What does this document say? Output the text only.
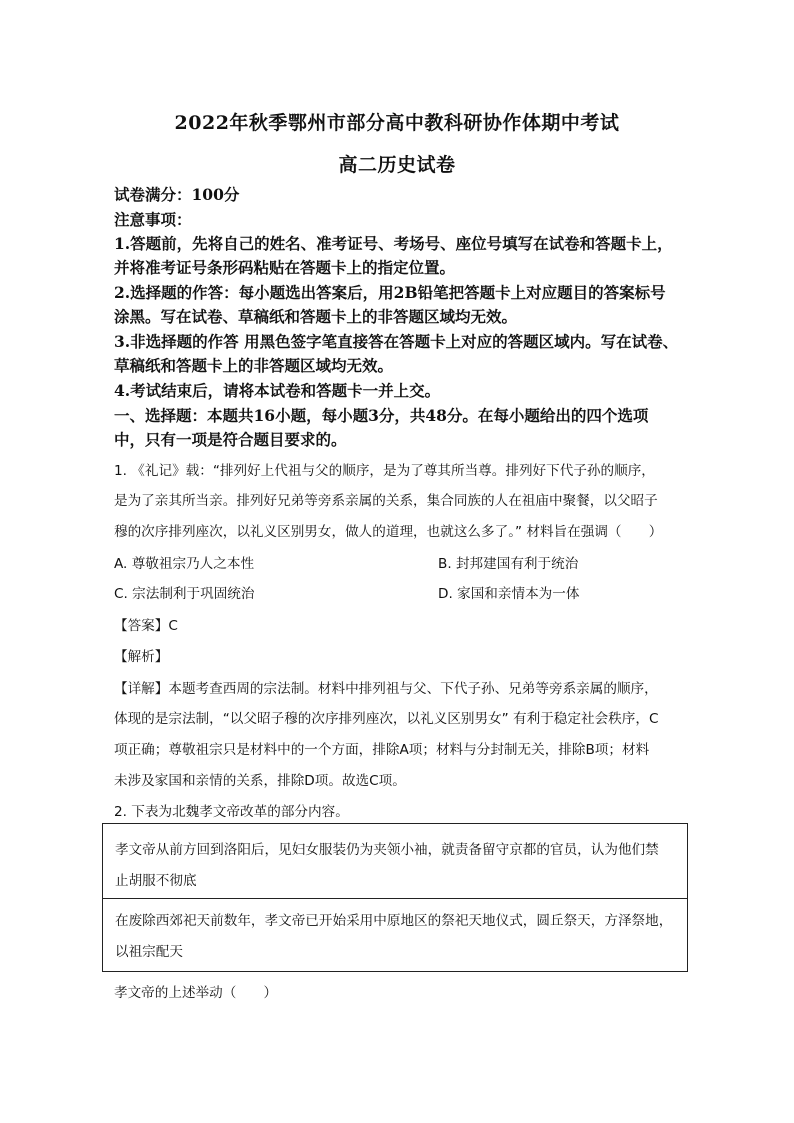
2022年秋季鄂州市部分高中教科研协作体期中考试
高二历史试卷
试卷满分：100分
注意事项：
1.答题前，先将自己的姓名、准考证号、考场号、座位号填写在试卷和答题卡上，
并将准考证号条形码粘贴在答题卡上的指定位置。
2.选择题的作答：每小题选出答案后，用2B铅笔把答题卡上对应题目的答案标号
涂黑。写在试卷、草稿纸和答题卡上的非答题区域均无效。
3.非选择题的作答 用黑色签字笔直接答在答题卡上对应的答题区域内。写在试卷、
草稿纸和答题卡上的非答题区域均无效。
4.考试结束后，请将本试卷和答题卡一并上交。
一、选择题：本题共16小题，每小题3分，共48分。在每小题给出的四个选项
中，只有一项是符合题目要求的。
1. 《礼记》载：“排列好上代祖与父的顺序，是为了尊其所当尊。排列好下代子孙的顺序，
是为了亲其所当亲。排列好兄弟等旁系亲属的关系，集合同族的人在祖庙中聚餐，以父昭子
穆的次序排列座次，以礼义区别男女，做人的道理，也就这么多了。” 材料旨在强调（　　）
A. 尊敬祖宗乃人之本性	B. 封邦建国有利于统治
C. 宗法制利于巩固统治	D. 家国和亲情本为一体
【答案】C
【解析】
【详解】本题考查西周的宗法制。材料中排列祖与父、下代子孙、兄弟等旁系亲属的顺序，
体现的是宗法制，“以父昭子穆的次序排列座次，以礼义区别男女” 有利于稳定社会秩序，C
项正确；尊敬祖宗只是材料中的一个方面，排除A项；材料与分封制无关，排除B项；材料
未涉及家国和亲情的关系，排除D项。故选C项。
2. 下表为北魏孝文帝改革的部分内容。
孝文帝从前方回到洛阳后，见妇女服装仍为夹领小袖，就责备留守京都的官员，认为他们禁
止胡服不彻底
在废除西郊祀天前数年，孝文帝已开始采用中原地区的祭祀天地仪式，圆丘祭天，方泽祭地，
以祖宗配天
孝文帝的上述举动（　　）
